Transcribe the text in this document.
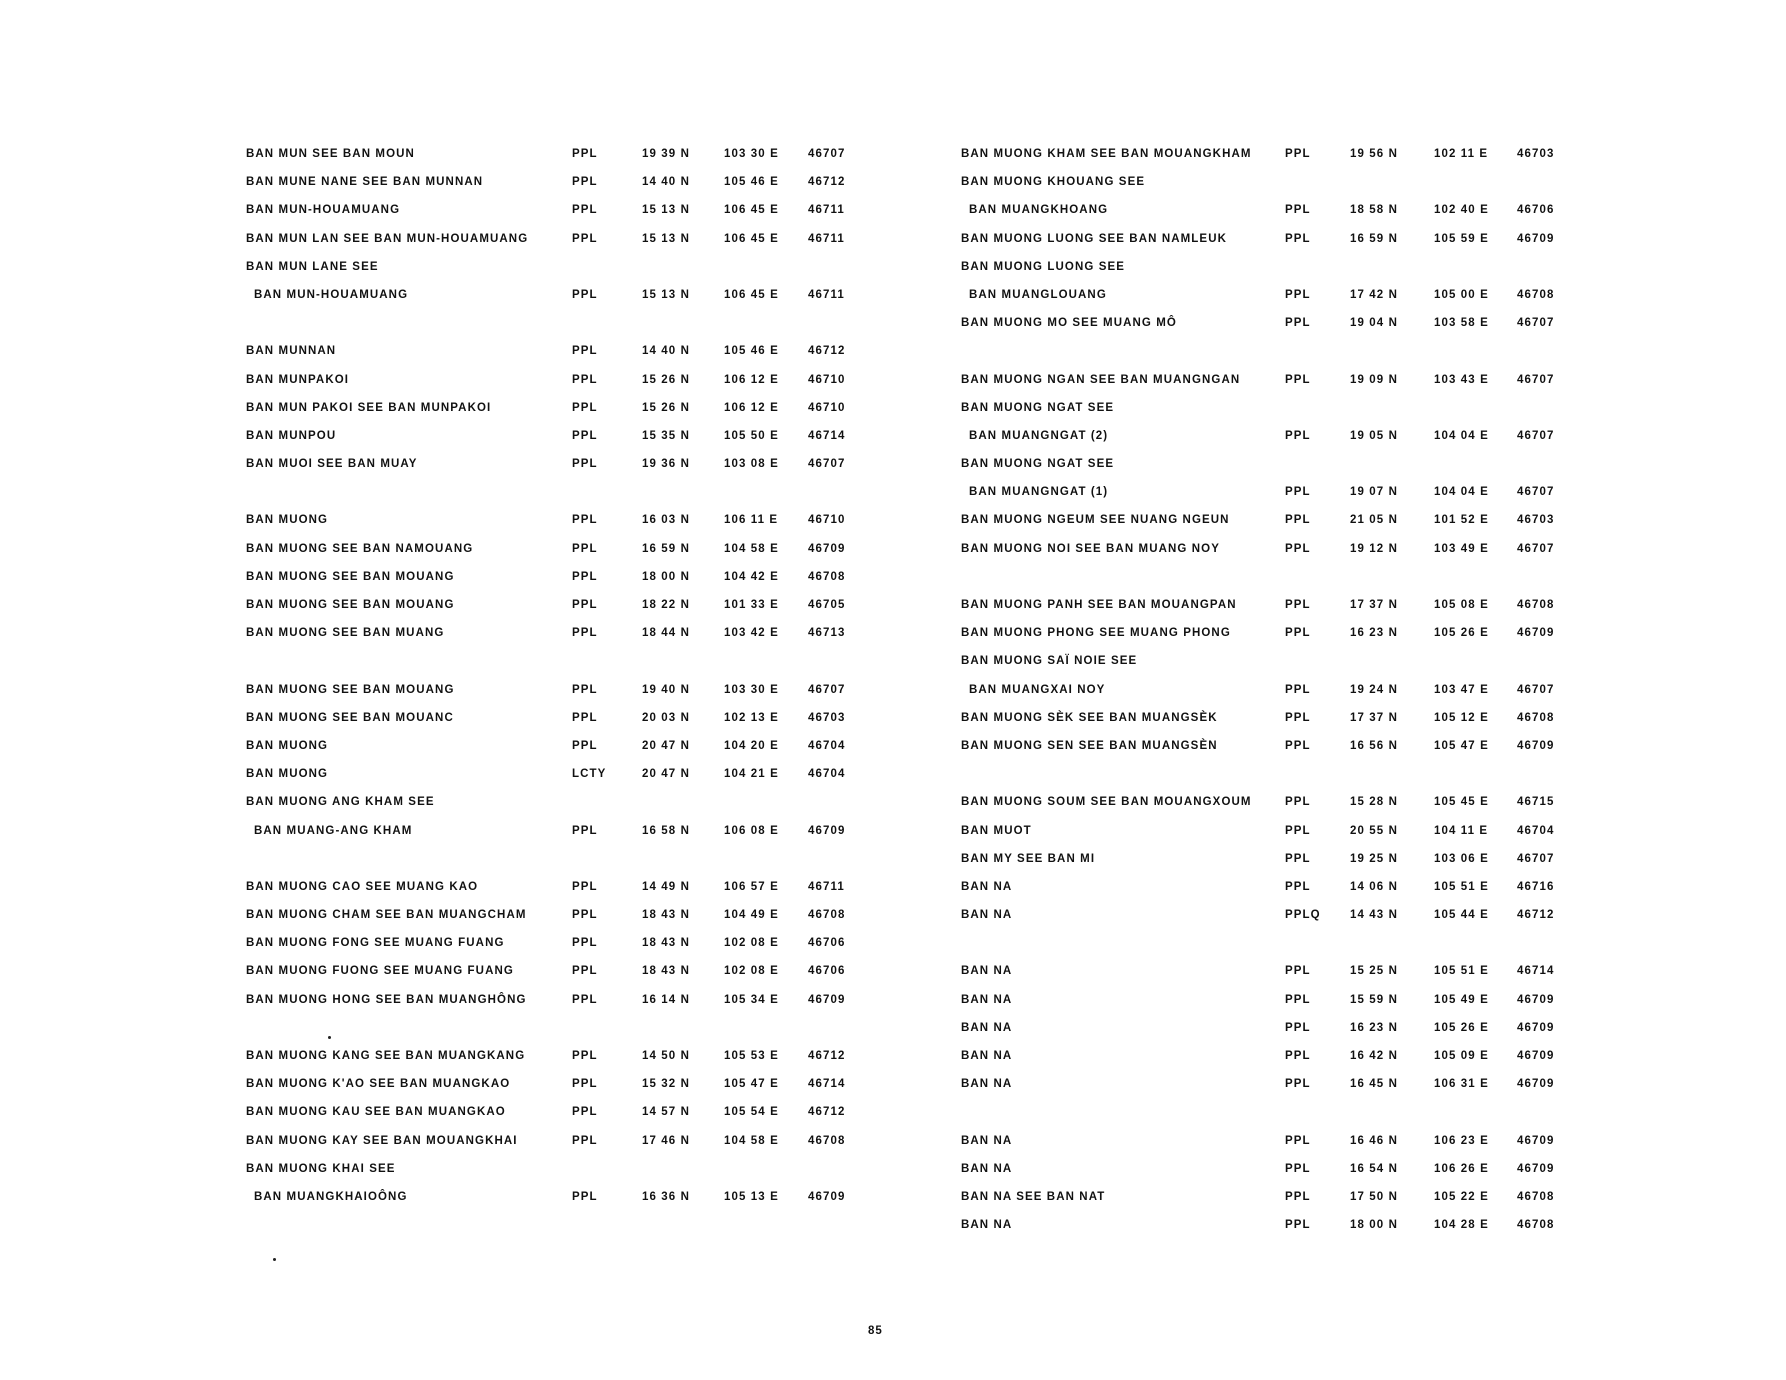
BAN MUN SEE BAN MOUN	PPL	19 39 N	103 30 E	46707
BAN MUNE NANE SEE BAN MUNNAN	PPL	14 40 N	105 46 E	46712
BAN MUN-HOUAMUANG	PPL	15 13 N	106 45 E	46711
BAN MUN LAN SEE BAN MUN-HOUAMUANG	PPL	15 13 N	106 45 E	46711
BAN MUN LANE SEE
BAN MUN-HOUAMUANG	PPL	15 13 N	106 45 E	46711
BAN MUNNAN	PPL	14 40 N	105 46 E	46712
BAN MUNPAKOI	PPL	15 26 N	106 12 E	46710
BAN MUN PAKOI SEE BAN MUNPAKOI	PPL	15 26 N	106 12 E	46710
BAN MUNPOU	PPL	15 35 N	105 50 E	46714
BAN MUOI SEE BAN MUAY	PPL	19 36 N	103 08 E	46707
BAN MUONG	PPL	16 03 N	106 11 E	46710
BAN MUONG SEE BAN NAMOUANG	PPL	16 59 N	104 58 E	46709
BAN MUONG SEE BAN MOUANG	PPL	18 00 N	104 42 E	46708
BAN MUONG SEE BAN MOUANG	PPL	18 22 N	101 33 E	46705
BAN MUONG SEE BAN MUANG	PPL	18 44 N	103 42 E	46713
BAN MUONG SEE BAN MOUANG	PPL	19 40 N	103 30 E	46707
BAN MUONG SEE BAN MOUANC	PPL	20 03 N	102 13 E	46703
BAN MUONG	PPL	20 47 N	104 20 E	46704
BAN MUONG	LCTY	20 47 N	104 21 E	46704
BAN MUONG ANG KHAM SEE
BAN MUANG-ANG KHAM	PPL	16 58 N	106 08 E	46709
BAN MUONG CAO SEE MUANG KAO	PPL	14 49 N	106 57 E	46711
BAN MUONG CHAM SEE BAN MUANGCHAM	PPL	18 43 N	104 49 E	46708
BAN MUONG FONG SEE MUANG FUANG	PPL	18 43 N	102 08 E	46706
BAN MUONG FUONG SEE MUANG FUANG	PPL	18 43 N	102 08 E	46706
BAN MUONG HONG SEE BAN MUANGHÔNG	PPL	16 14 N	105 34 E	46709
BAN MUONG KANG SEE BAN MUANGKANG	PPL	14 50 N	105 53 E	46712
BAN MUONG K'AO SEE BAN MUANGKAO	PPL	15 32 N	105 47 E	46714
BAN MUONG KAU SEE BAN MUANGKAO	PPL	14 57 N	105 54 E	46712
BAN MUONG KAY SEE BAN MOUANGKHAI	PPL	17 46 N	104 58 E	46708
BAN MUONG KHAI SEE
BAN MUANGKHAIOÔNG	PPL	16 36 N	105 13 E	46709
BAN MUONG KHAM SEE BAN MOUANGKHAM	PPL	19 56 N	102 11 E	46703
BAN MUONG KHOUANG SEE
BAN MUANGKHOANG	PPL	18 58 N	102 40 E 46706
BAN MUONG LUONG SEE BAN NAMLEUK	PPL	16 59 N	105 59 E 46709
BAN MUONG LUONG SEE
BAN MUANGLOUANG	PPL	17 42 N	105 00 E 46708
BAN MUONG MO SEE MUANG MÔ	PPL	19 04 N	103 58 E 46707
BAN MUONG NGAN SEE BAN MUANGNGAN	PPL	19 09 N	103 43 E 46707
BAN MUONG NGAT SEE
BAN MUANGNGAT (2)	PPL	19 05 N	104 04 E 46707
BAN MUONG NGAT SEE
BAN MUANGNGAT (1)	PPL	19 07 N	104 04 E 46707
BAN MUONG NGEUM SEE NUANG NGEUN	PPL	21 05 N	101 52 E 46703
BAN MUONG NOI SEE BAN MUANG NOY	PPL	19 12 N	103 49 E 46707
BAN MUONG PANH SEE BAN MOUANGPAN	PPL	17 37 N	105 08 E 46708
BAN MUONG PHONG SEE MUANG PHONG	PPL	16 23 N	105 26 E 46709
BAN MUONG SAÏ NOIE SEE
BAN MUANGXAI NOY	PPL	19 24 N	103 47 E 46707
BAN MUONG SÈK SEE BAN MUANGSÈK	PPL	17 37 N	105 12 E 46708
BAN MUONG SEN SEE BAN MUANGSÈN	PPL	16 56 N	105 47 E 46709
BAN MUONG SOUM SEE BAN MOUANGXOUM	PPL	15 28 N	105 45 E 46715
BAN MUOT	PPL	20 55 N	104 11 E	46704
BAN MY SEE BAN MI	PPL	19 25 N	103 06 E 46707
BAN NA	PPL	14 06 N	105 51 E 46716
BAN NA	PPLQ	14 43 N	105 44 E 46712
BAN NA	PPL	15 25 N	105 51 E 46714
BAN NA	PPL	15 59 N	105 49 E 46709
BAN NA	PPL	16 23 N	105 26 E 46709
BAN NA	PPL	16 42 N	105 09 E 46709
BAN NA	PPL	16 45 N	106 31 E 46709
BAN NA	PPL	16 46 N	106 23 E 46709
BAN NA	PPL	16 54 N	106 26 E 46709
BAN NA SEE BAN NAT	PPL	17 50 N	105 22 E 46708
BAN NA	PPL	18 00 N	104 28 E 46708
85
